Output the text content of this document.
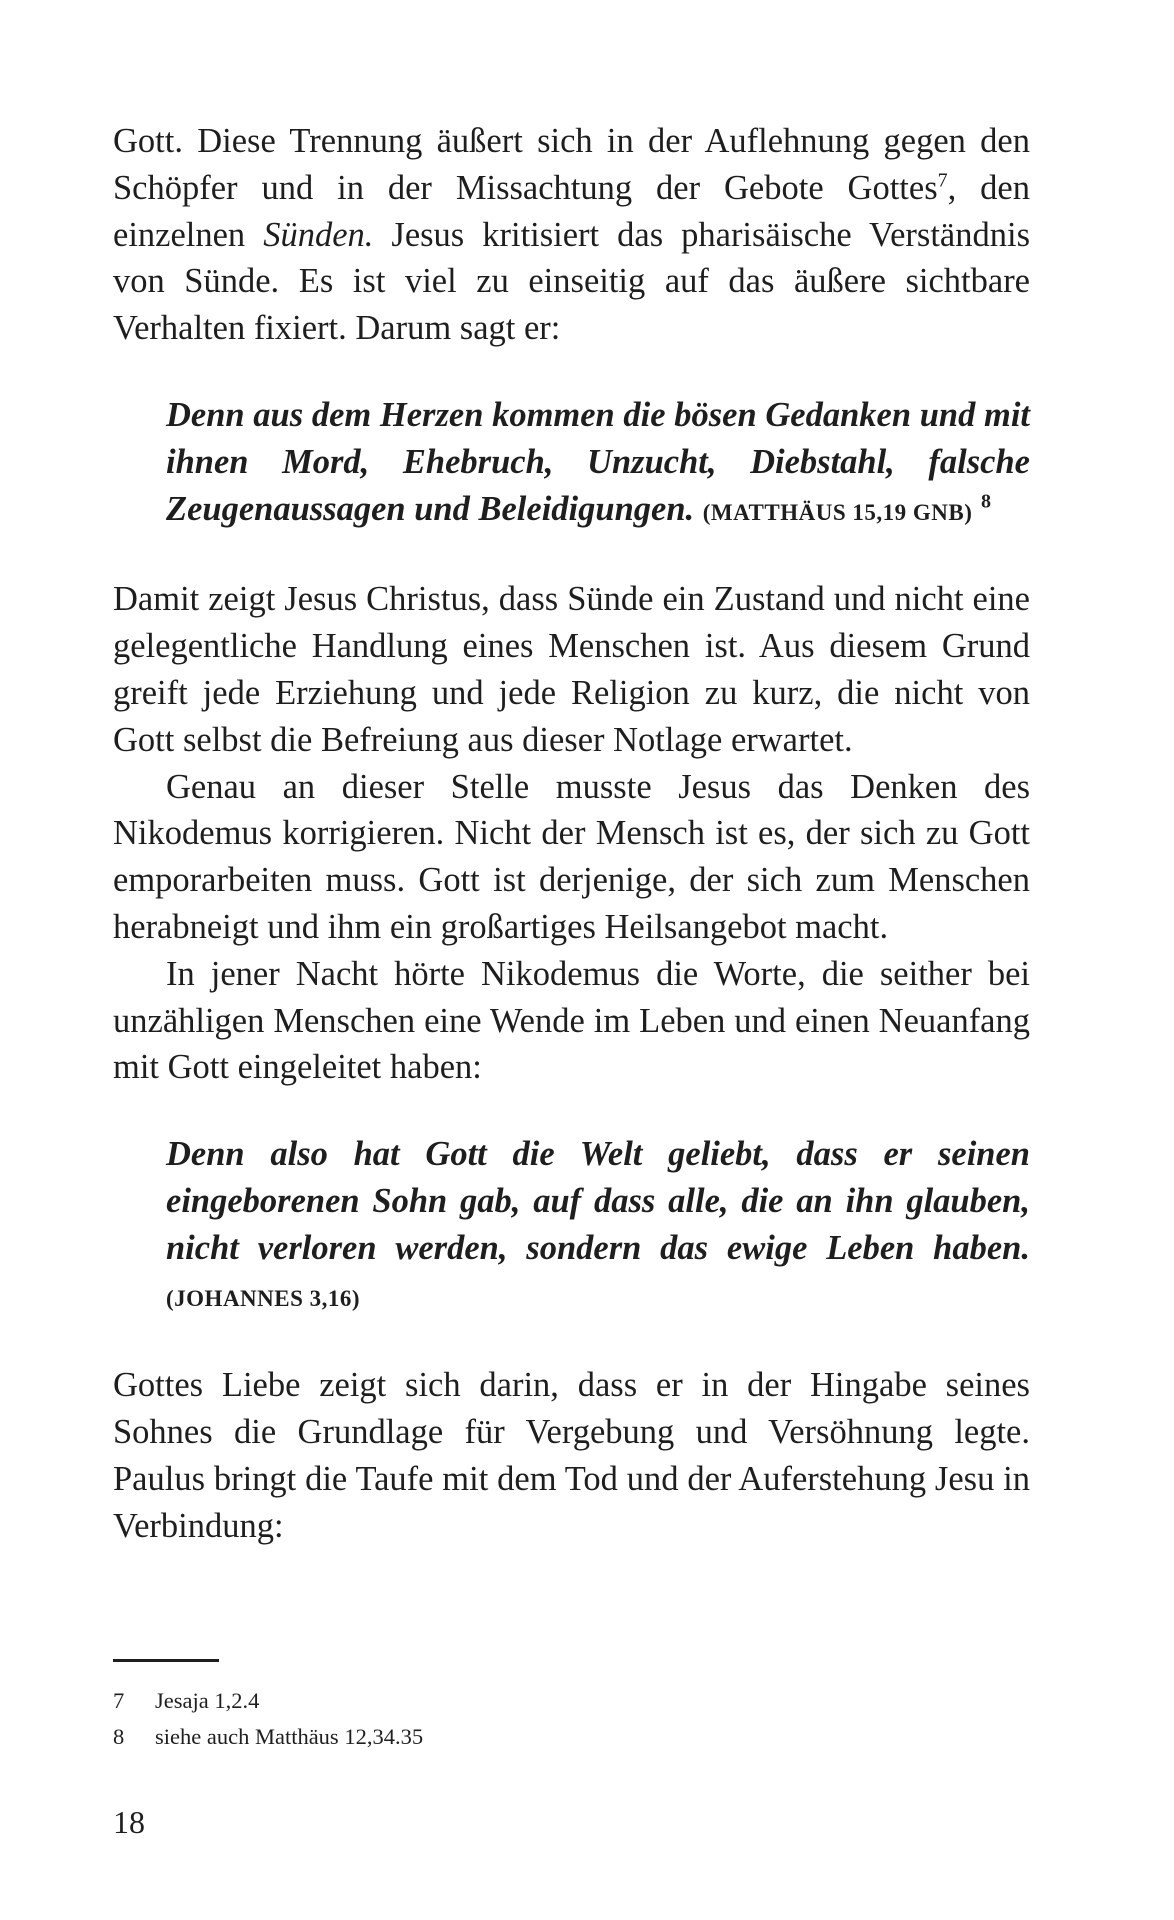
Gott. Diese Trennung äußert sich in der Auflehnung gegen den Schöpfer und in der Missachtung der Gebote Gottes$^7$, den einzelnen Sünden. Jesus kritisiert das pharisäische Verständnis von Sünde. Es ist viel zu einseitig auf das äußere sichtbare Verhalten fixiert. Darum sagt er:

Denn aus dem Herzen kommen die bösen Gedanken und mit ihnen Mord, Ehebruch, Unzucht, Diebstahl, falsche Zeugenaussagen und Beleidigungen. (MATTHÄUS 15,19 GNB) $^8$

Damit zeigt Jesus Christus, dass Sünde ein Zustand und nicht eine gelegentliche Handlung eines Menschen ist. Aus diesem Grund greift jede Erziehung und jede Religion zu kurz, die nicht von Gott selbst die Befreiung aus dieser Notlage erwartet.

Genau an dieser Stelle musste Jesus das Denken des Nikodemus korrigieren. Nicht der Mensch ist es, der sich zu Gott emporarbeiten muss. Gott ist derjenige, der sich zum Menschen herabneigt und ihm ein großartiges Heilsangebot macht.

In jener Nacht hörte Nikodemus die Worte, die seither bei unzähligen Menschen eine Wende im Leben und einen Neuanfang mit Gott eingeleitet haben:

Denn also hat Gott die Welt geliebt, dass er seinen eingeborenen Sohn gab, auf dass alle, die an ihn glauben, nicht verloren werden, sondern das ewige Leben haben. (JOHANNES 3,16)

Gottes Liebe zeigt sich darin, dass er in der Hingabe seines Sohnes die Grundlage für Vergebung und Versöhnung legte. Paulus bringt die Taufe mit dem Tod und der Auferstehung Jesu in Verbindung:

7 Jesaja 1,2.4
8 siehe auch Matthäus 12,34.35
18
